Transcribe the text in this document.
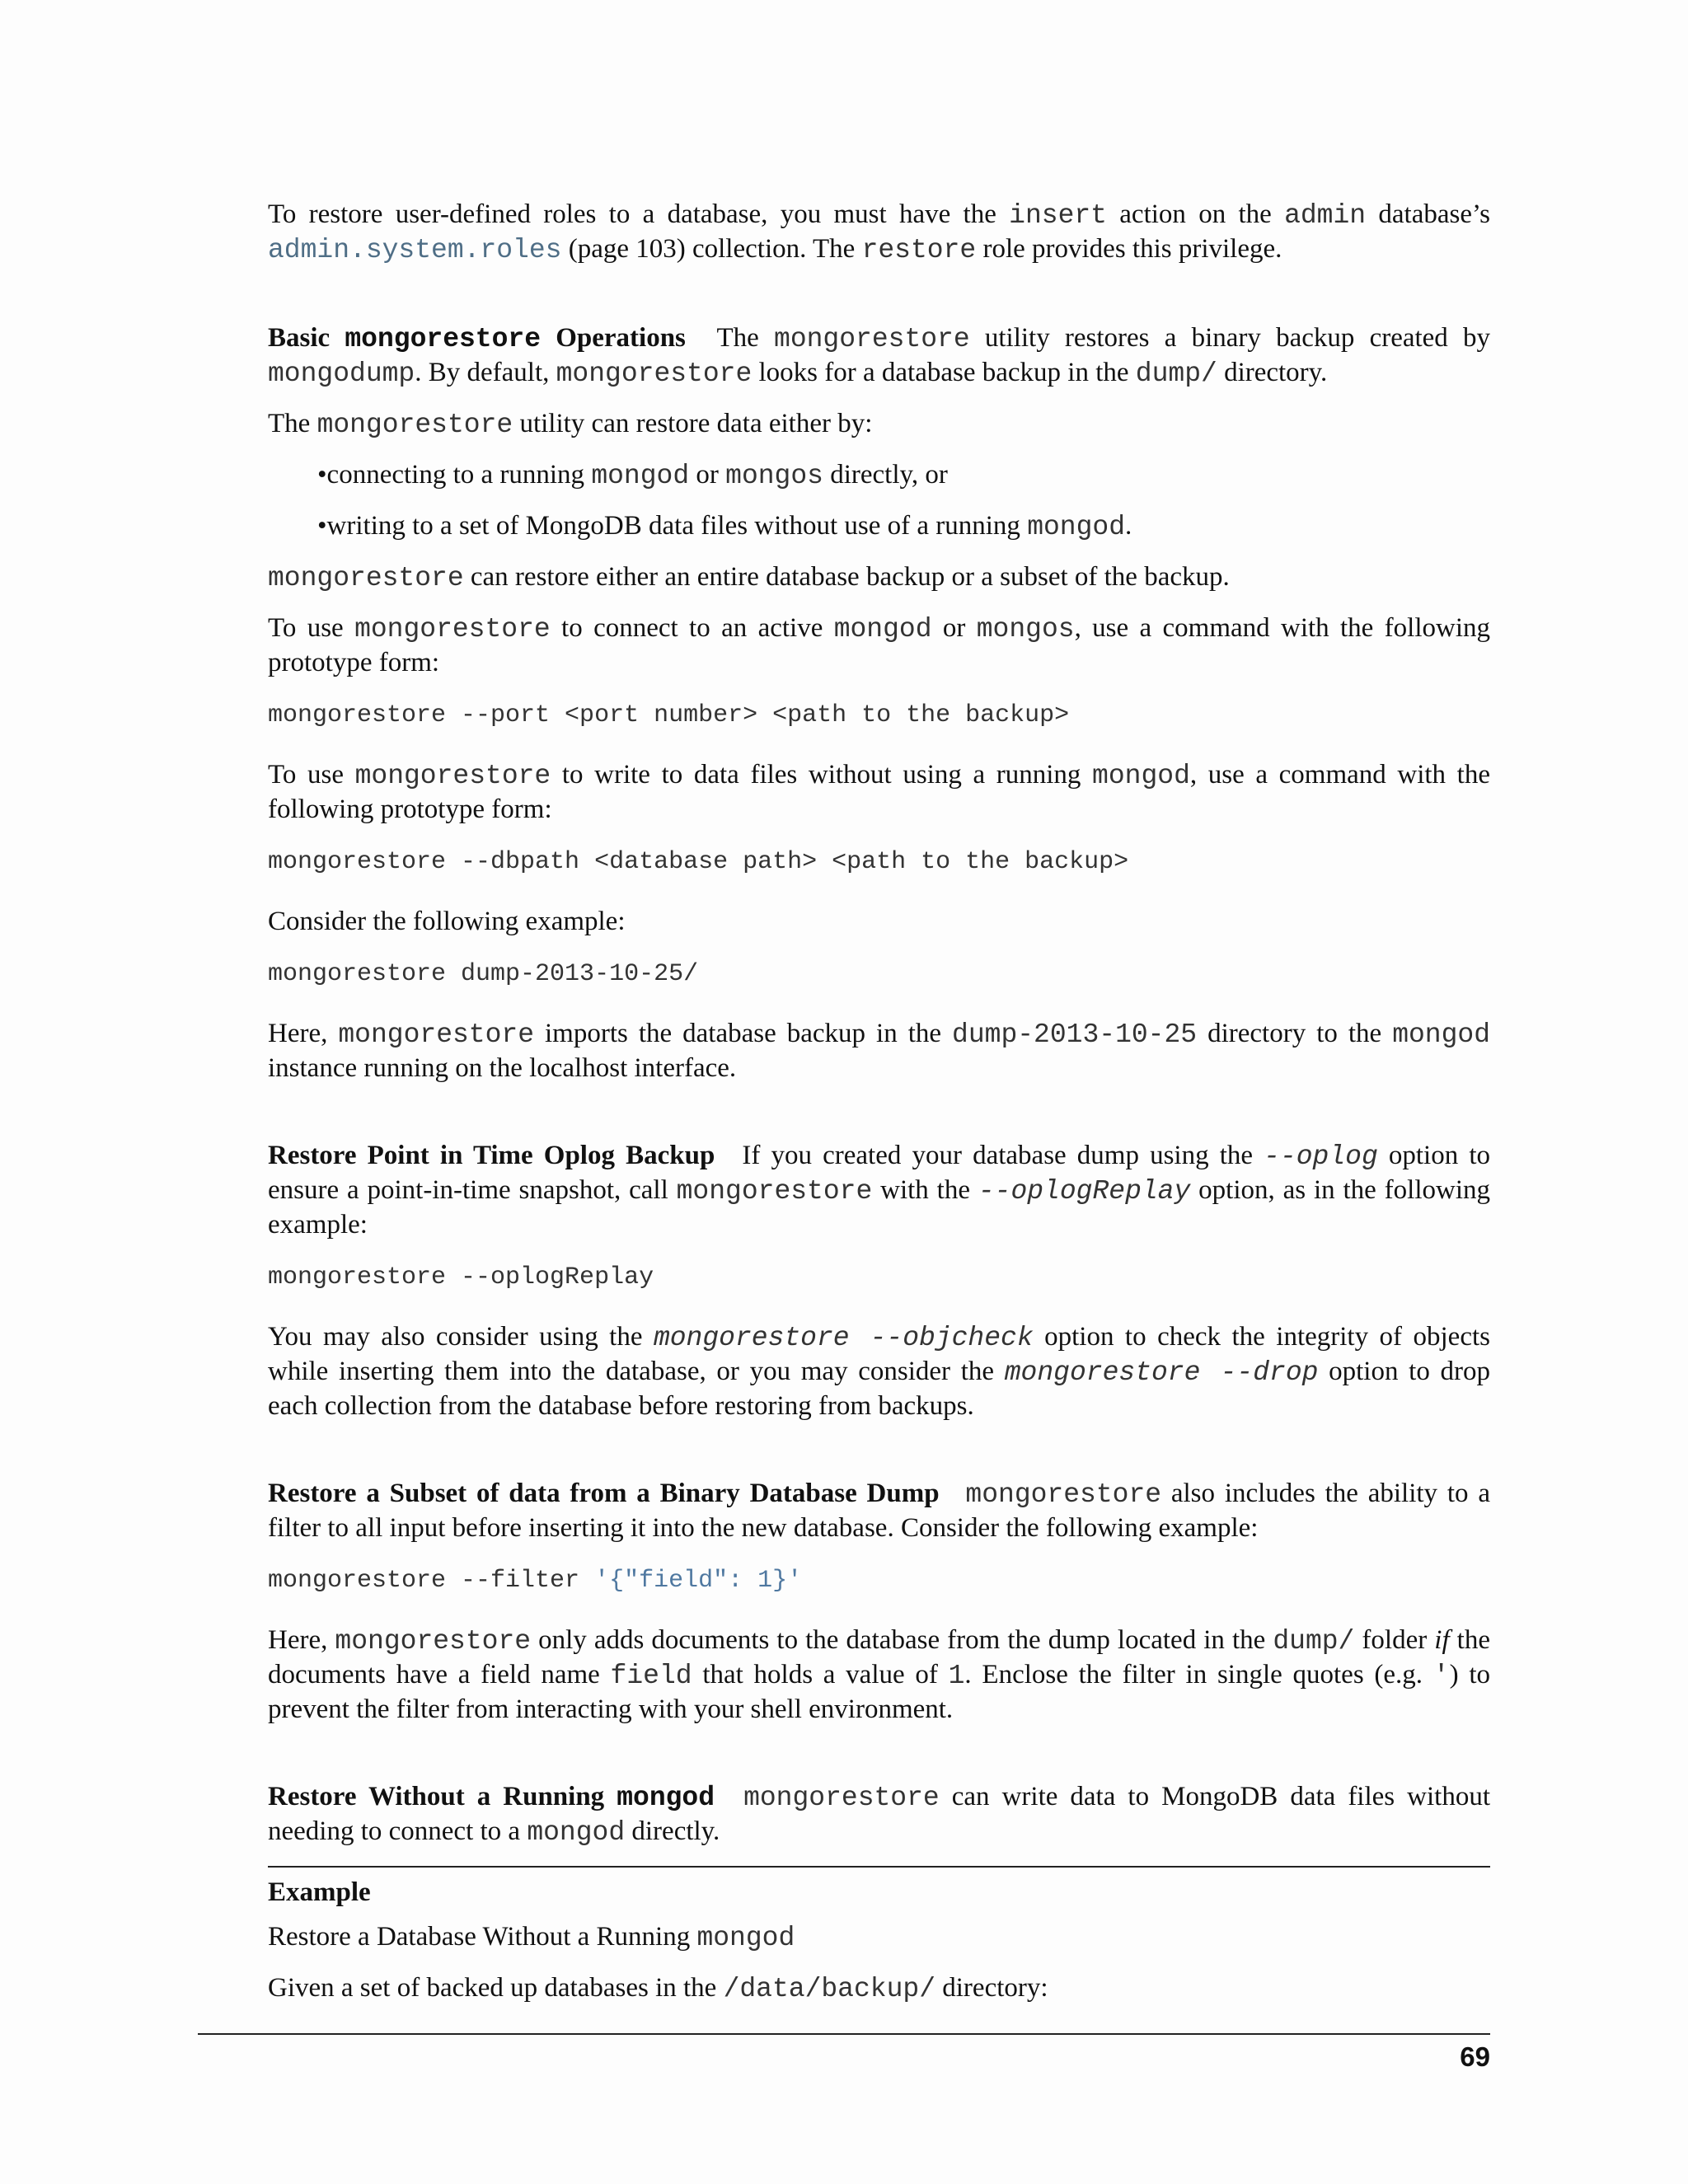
To restore user-defined roles to a database, you must have the insert action on the admin database’s admin.system.roles (page 103) collection. The restore role provides this privilege.

Basic mongorestore Operations The mongorestore utility restores a binary backup created by mongodump. By default, mongorestore looks for a database backup in the dump/ directory.

The mongorestore utility can restore data either by:

•connecting to a running mongod or mongos directly, or
•writing to a set of MongoDB data files without use of a running mongod.

mongorestore can restore either an entire database backup or a subset of the backup.

To use mongorestore to connect to an active mongod or mongos, use a command with the following prototype form:

mongorestore --port <port number> <path to the backup>

To use mongorestore to write to data files without using a running mongod, use a command with the following prototype form:

mongorestore --dbpath <database path> <path to the backup>

Consider the following example:

mongorestore dump-2013-10-25/

Here, mongorestore imports the database backup in the dump-2013-10-25 directory to the mongod instance running on the localhost interface.

Restore Point in Time Oplog Backup If you created your database dump using the --oplog option to ensure a point-in-time snapshot, call mongorestore with the --oplogReplay option, as in the following example:

mongorestore --oplogReplay

You may also consider using the mongorestore --objcheck option to check the integrity of objects while inserting them into the database, or you may consider the mongorestore --drop option to drop each collection from the database before restoring from backups.

Restore a Subset of data from a Binary Database Dump mongorestore also includes the ability to a filter to all input before inserting it into the new database. Consider the following example:

mongorestore --filter '{"field": 1}'

Here, mongorestore only adds documents to the database from the dump located in the dump/ folder if the documents have a field name field that holds a value of 1. Enclose the filter in single quotes (e.g. ') to prevent the filter from interacting with your shell environment.

Restore Without a Running mongod mongorestore can write data to MongoDB data files without needing to connect to a mongod directly.

Example

Restore a Database Without a Running mongod

Given a set of backed up databases in the /data/backup/ directory:

69
